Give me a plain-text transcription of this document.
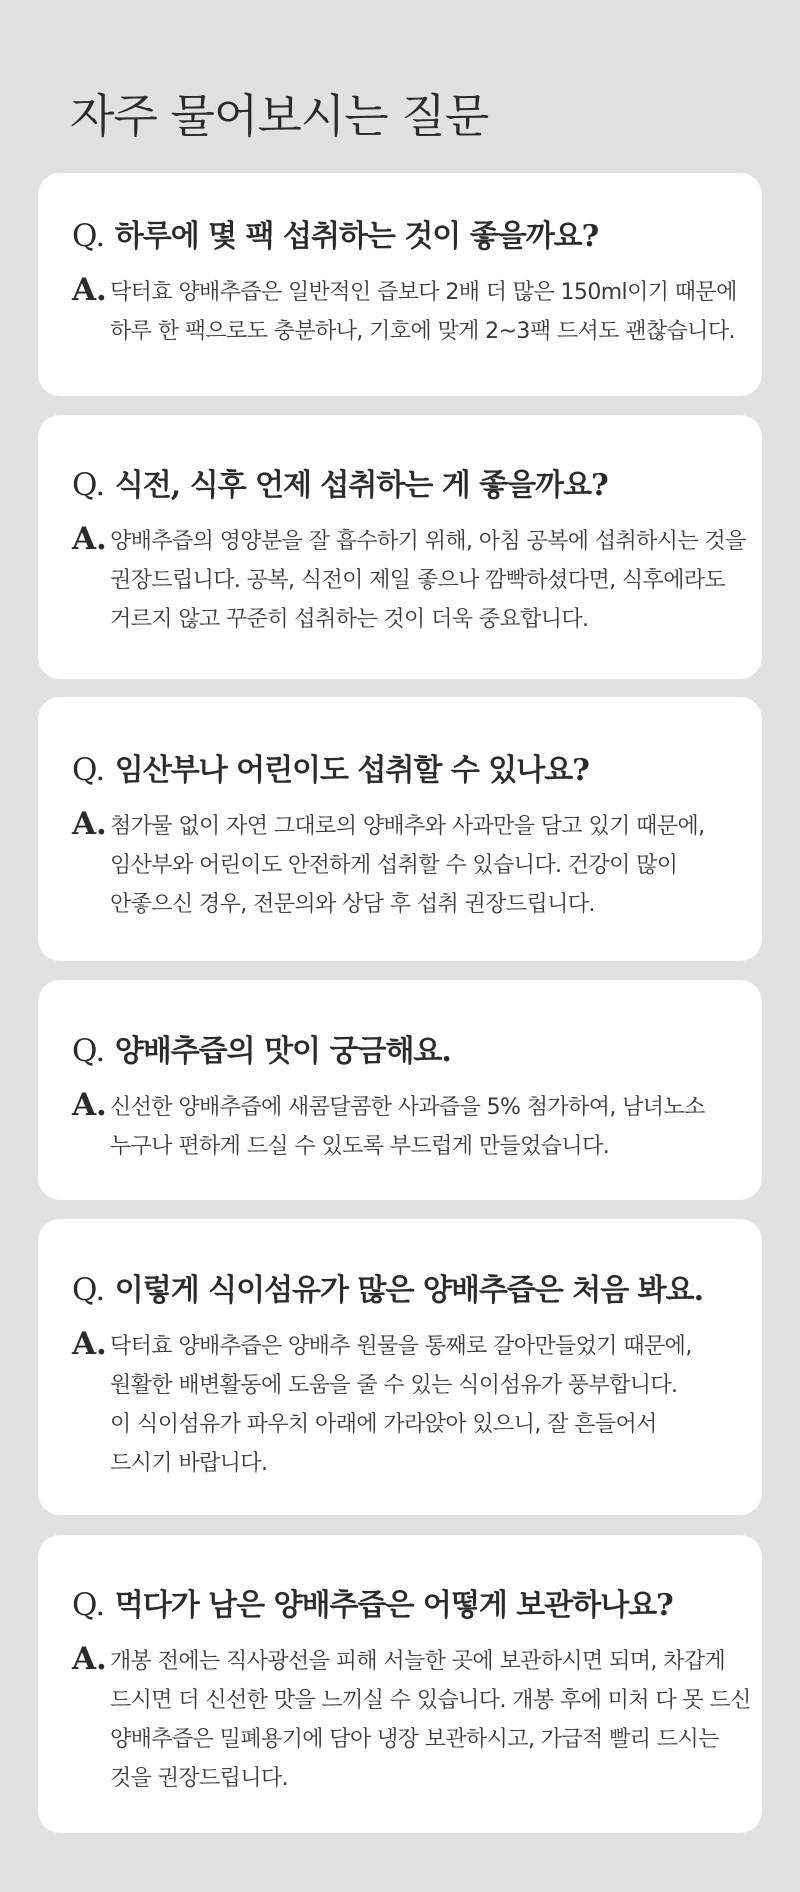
자주 물어보시는 질문
Q. 하루에 몇 팩 섭취하는 것이 좋을까요?
A. 닥터효 양배추즙은 일반적인 즙보다 2배 더 많은 150ml이기 때문에
하루 한 팩으로도 충분하나, 기호에 맞게 2~3팩 드셔도 괜찮습니다.
Q. 식전, 식후 언제 섭취하는 게 좋을까요?
A. 양배추즙의 영양분을 잘 흡수하기 위해, 아침 공복에 섭취하시는 것을
권장드립니다. 공복, 식전이 제일 좋으나 깜빡하셨다면, 식후에라도
거르지 않고 꾸준히 섭취하는 것이 더욱 중요합니다.
Q. 임산부나 어린이도 섭취할 수 있나요?
A. 첨가물 없이 자연 그대로의 양배추와 사과만을 담고 있기 때문에,
임산부와 어린이도 안전하게 섭취할 수 있습니다. 건강이 많이
안좋으신 경우, 전문의와 상담 후 섭취 권장드립니다.
Q. 양배추즙의 맛이 궁금해요.
A. 신선한 양배추즙에 새콤달콤한 사과즙을 5% 첨가하여, 남녀노소
누구나 편하게 드실 수 있도록 부드럽게 만들었습니다.
Q. 이렇게 식이섬유가 많은 양배추즙은 처음 봐요.
A. 닥터효 양배추즙은 양배추 원물을 통째로 갈아만들었기 때문에,
원활한 배변활동에 도움을 줄 수 있는 식이섬유가 풍부합니다.
이 식이섬유가 파우치 아래에 가라앉아 있으니, 잘 흔들어서
드시기 바랍니다.
Q. 먹다가 남은 양배추즙은 어떻게 보관하나요?
A. 개봉 전에는 직사광선을 피해 서늘한 곳에 보관하시면 되며, 차갑게
드시면 더 신선한 맛을 느끼실 수 있습니다. 개봉 후에 미처 다 못 드신
양배추즙은 밀폐용기에 담아 냉장 보관하시고, 가급적 빨리 드시는
것을 권장드립니다.
